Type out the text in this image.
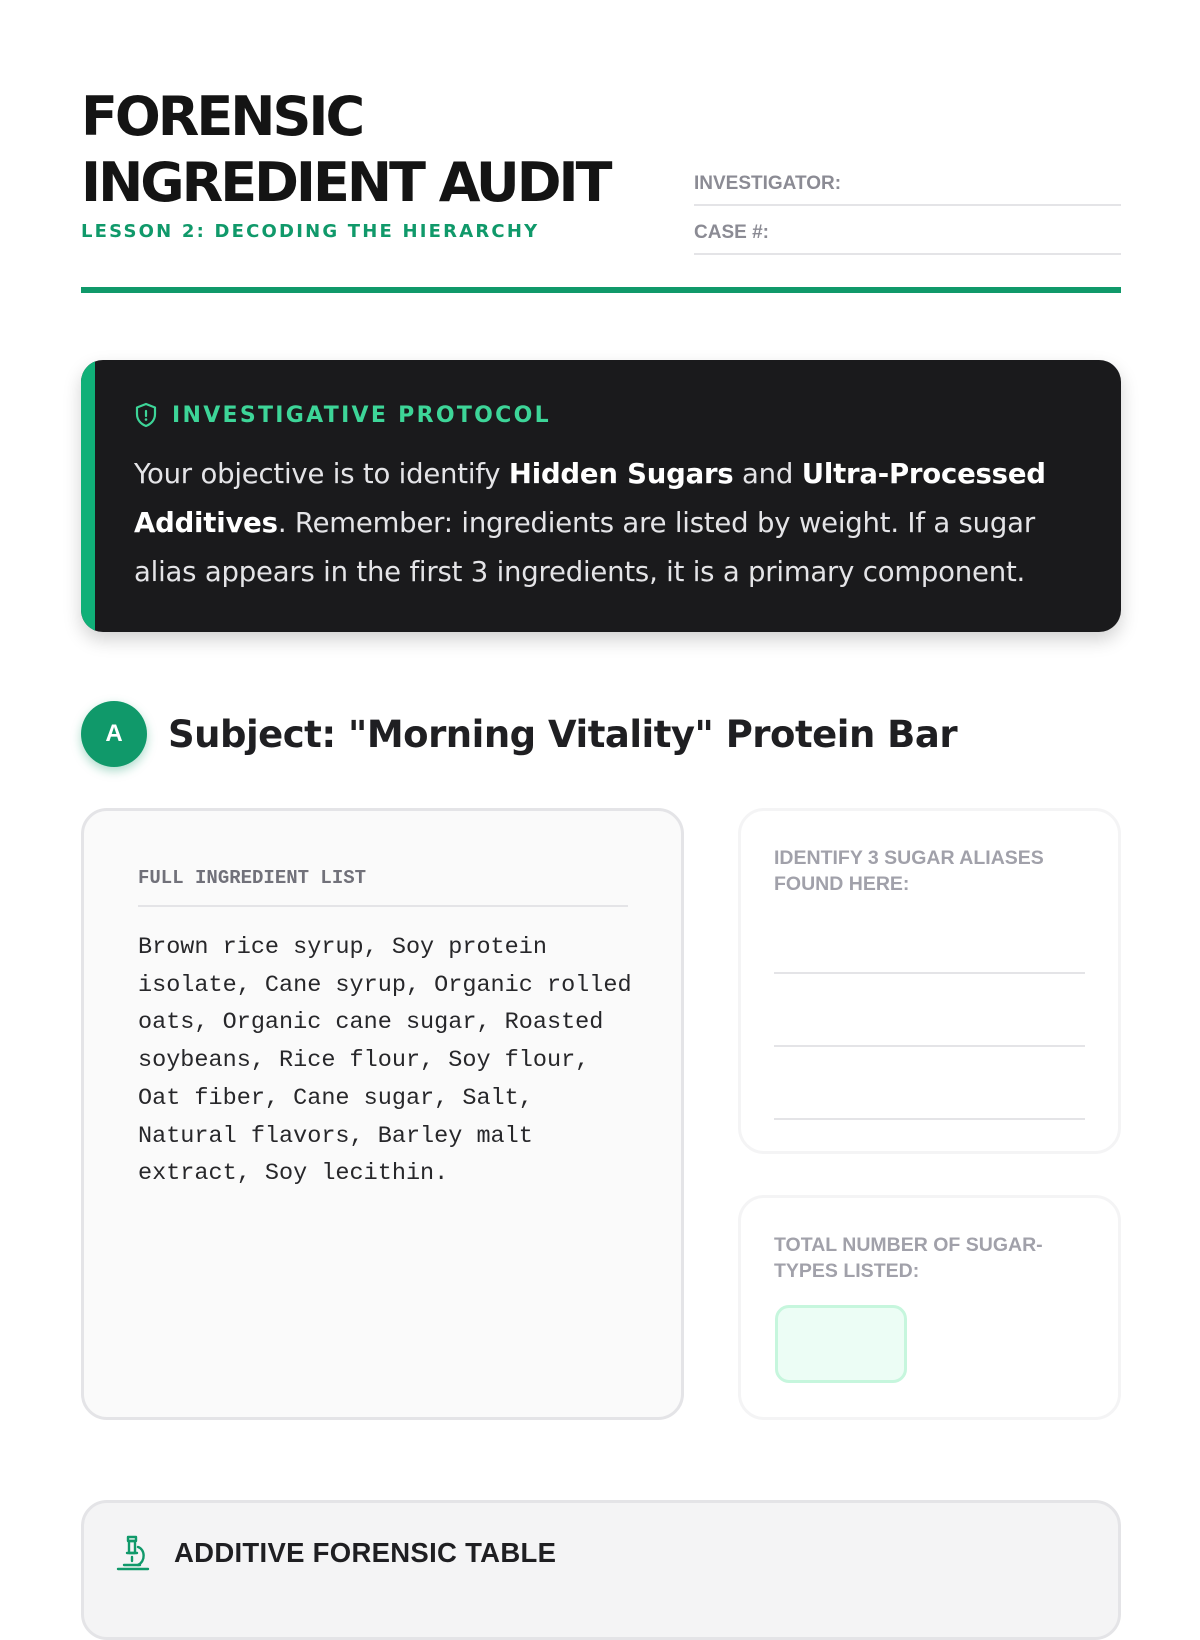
FORENSIC
INGREDIENT AUDIT
LESSON 2: DECODING THE HIERARCHY
INVESTIGATOR:
CASE #:
INVESTIGATIVE PROTOCOL

Your objective is to identify Hidden Sugars and Ultra-Processed Additives. Remember: ingredients are listed by weight. If a sugar alias appears in the first 3 ingredients, it is a primary component.

A	Subject: "Morning Vitality" Protein Bar
FULL INGREDIENT LIST

Brown rice syrup, Soy protein isolate, Cane syrup, Organic rolled oats, Organic cane sugar, Roasted soybeans, Rice flour, Soy flour, Oat fiber, Cane sugar, Salt, Natural flavors, Barley malt extract, Soy lecithin.

IDENTIFY 3 SUGAR ALIASES FOUND HERE:
TOTAL NUMBER OF SUGAR-TYPES LISTED:
ADDITIVE FORENSIC TABLE
